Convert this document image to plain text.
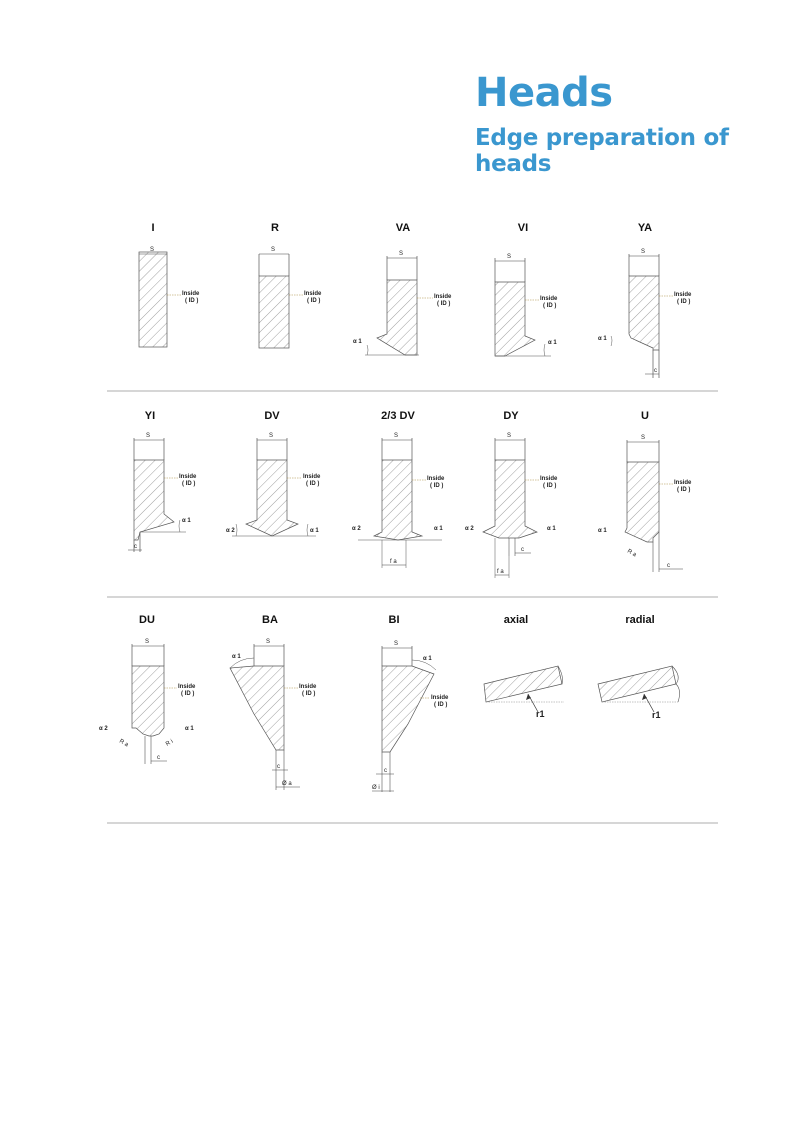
Heads
Edge preparation of heads
I
S
Inside
( ID )
R
S
Inside
( ID )
VA
S
α 1
Inside
( ID )
VI
S
α 1
Inside
( ID )
YA
S
c
α 1
Inside
( ID )
YI
S
c
α 1
Inside
( ID )
DV
S
α 2	α 1
Inside
( ID )
2/3 DV
S
f a
α 2	α 1
Inside
( ID )
DY
S
c
f a
α 2	α 1
Inside
( ID )
U
S
c
α 1
R a
Inside
( ID )
DU
S
c
α 2	α 1
R a	R i
Inside
( ID )
BA
S
α 1
c
Ø a
Inside
( ID )
BI
S
α 1
c
Ø i
Inside
( ID )
axial
r1
radial
r1
